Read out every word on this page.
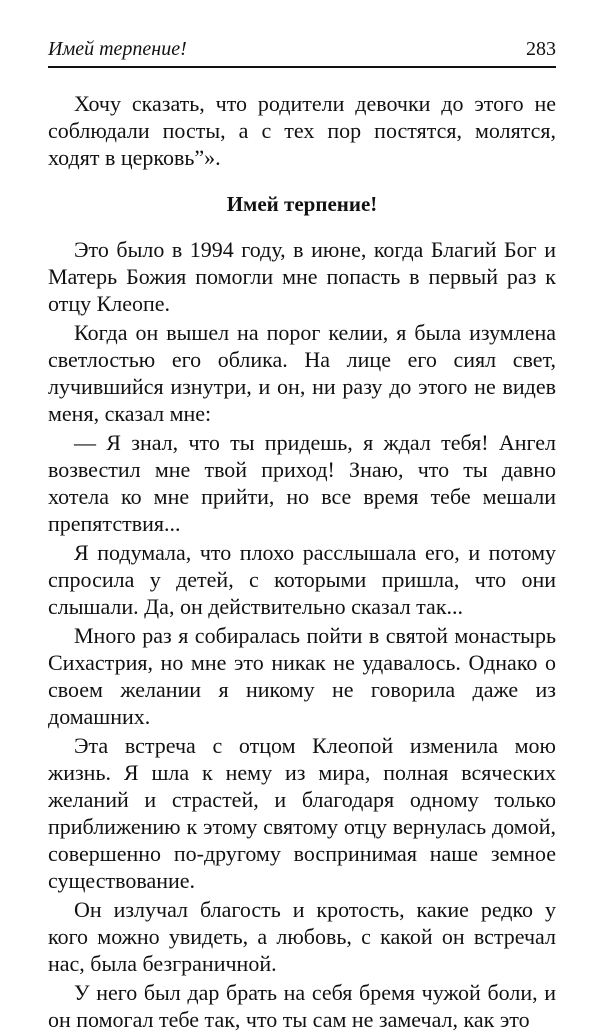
Имей терпение!	283

Хочу сказать, что родители девочки до этого не соблюдали посты, а с тех пор постятся, молятся, ходят в церковь”».

Имей терпение!

Это было в 1994 году, в июне, когда Благий Бог и Матерь Божия помогли мне попасть в первый раз к отцу Клеопе.

Когда он вышел на порог келии, я была изумлена светлостью его облика. На лице его сиял свет, лучившийся изнутри, и он, ни разу до этого не видев меня, сказал мне:

— Я знал, что ты придешь, я ждал тебя! Ангел возвестил мне твой приход! Знаю, что ты давно хотела ко мне прийти, но все время тебе мешали препятствия...

Я подумала, что плохо расслышала его, и потому спросила у детей, с которыми пришла, что они слышали. Да, он действительно сказал так...

Много раз я собиралась пойти в святой монастырь Сихастрия, но мне это никак не удавалось. Однако о своем желании я никому не говорила даже из домашних.

Эта встреча с отцом Клеопой изменила мою жизнь. Я шла к нему из мира, полная всяческих желаний и страстей, и благодаря одному только приближению к этому святому отцу вернулась домой, совершенно по-другому воспринимая наше земное существование.

Он излучал благость и кротость, какие редко у кого можно увидеть, а любовь, с какой он встречал нас, была безграничной.

У него был дар брать на себя бремя чужой боли, и он помогал тебе так, что ты сам не замечал, как это
